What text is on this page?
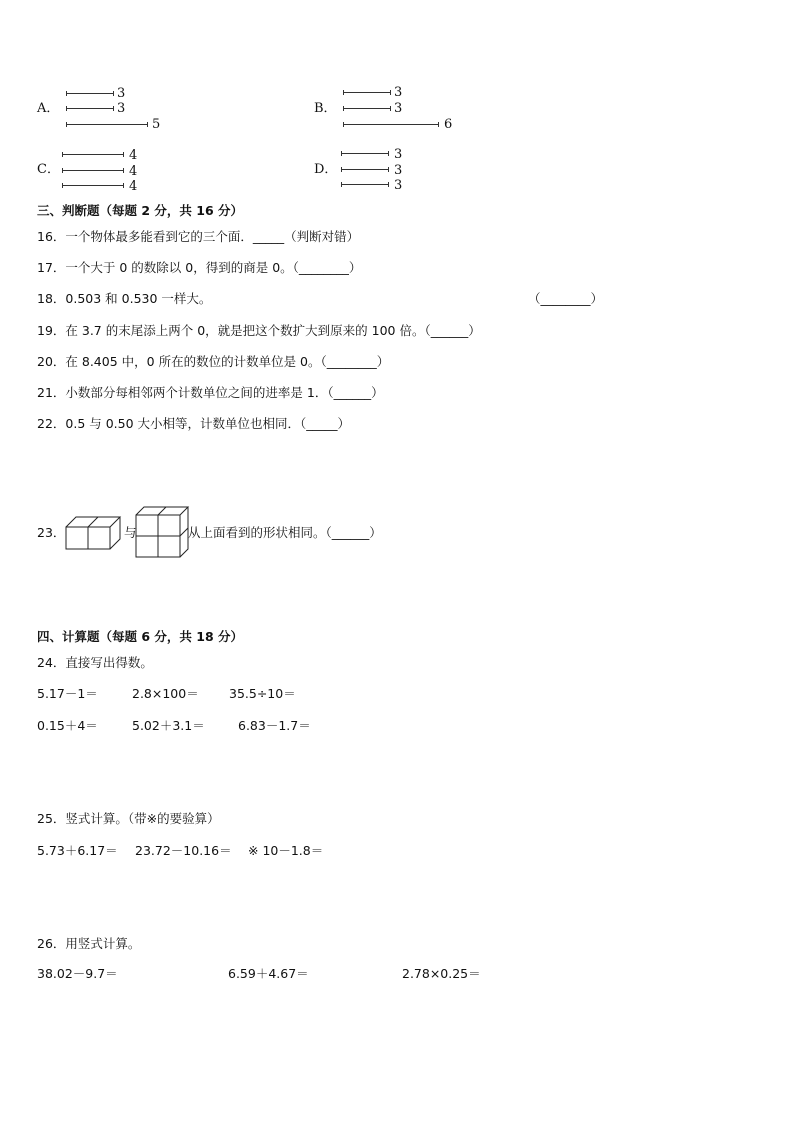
A．
3
3
5
B．
3
3
6
C．
4
4
4
D．
3
3
3
三、判断题（每题 2 分，共 16 分）
16．一个物体最多能看到它的三个面．_____（判断对错）
17．一个大于 0 的数除以 0，得到的商是 0。（________）
18．0.503 和 0.530 一样大。	（________）
19．在 3.7 的末尾添上两个 0，就是把这个数扩大到原来的 100 倍。（______）
20．在 8.405 中，0 所在的数位的计数单位是 0。（________）
21．小数部分每相邻两个计数单位之间的进率是 1．（______）
22．0.5 与 0.50 大小相等，计数单位也相同．（_____）
23．	与	从上面看到的形状相同。（______）
四、计算题（每题 6 分，共 18 分）
24．直接写出得数。
5.17－1＝	2.8×100＝ 35.5÷10＝
0.15＋4＝	5.02＋3.1＝	6.83－1.7＝
25．竖式计算。（带※的要验算）
5.73＋6.17＝ 23.72－10.16＝ ※ 10－1.8＝
26．用竖式计算。
38.02－9.7＝	6.59＋4.67＝	2.78×0.25＝
